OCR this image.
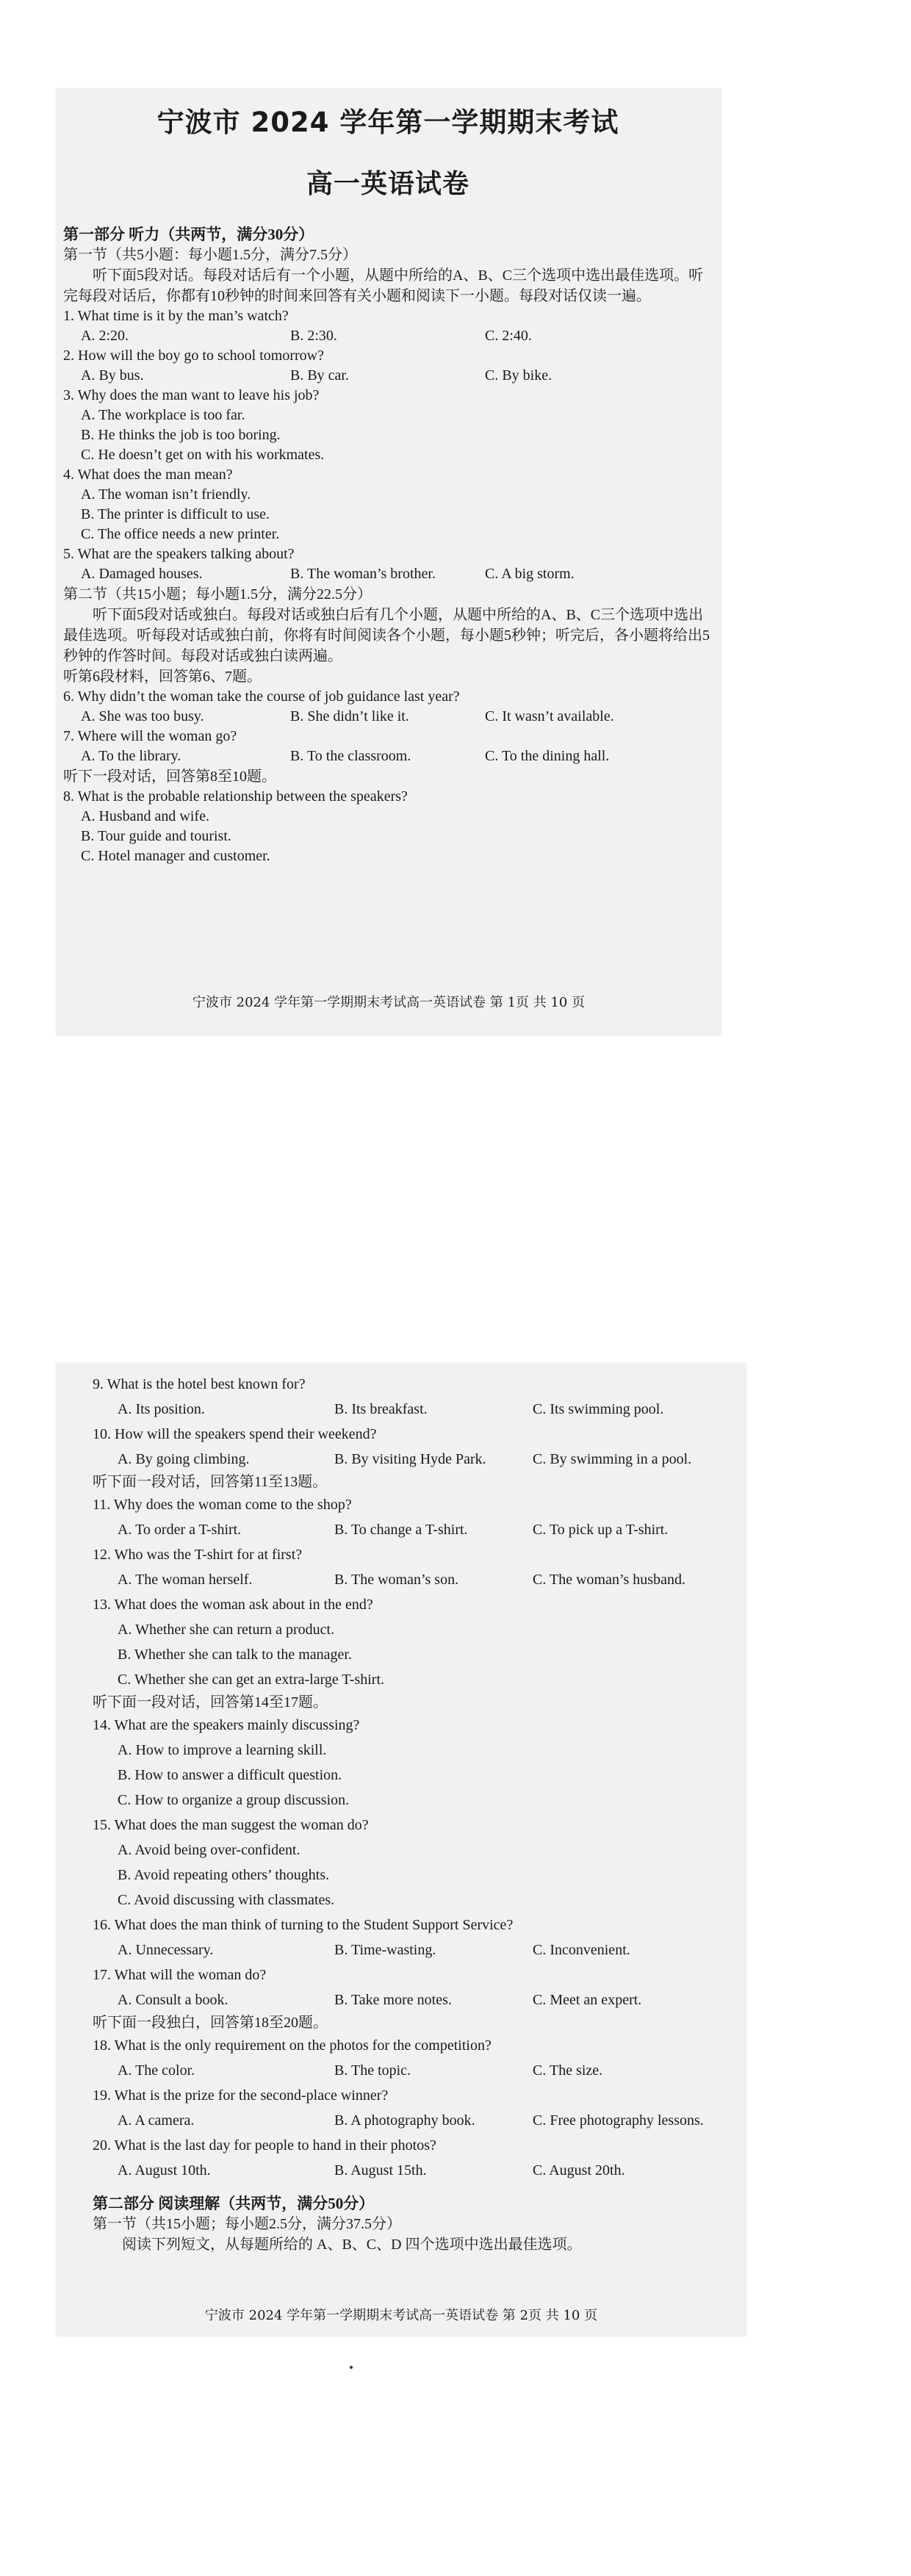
宁波市 2024 学年第一学期期末考试
高一英语试卷
第一部分 听力（共两节，满分30分）
第一节（共5小题：每小题1.5分，满分7.5分）
听下面5段对话。每段对话后有一个小题，从题中所给的A、B、C三个选项中选出最佳选项。听完每段对话后，你都有10秒钟的时间来回答有关小题和阅读下一小题。每段对话仅读一遍。
1. What time is it by the man’s watch?
A. 2:20.	B. 2:30.	C. 2:40.
2. How will the boy go to school tomorrow?
A. By bus.	B. By car.	C. By bike.
3. Why does the man want to leave his job?
A. The workplace is too far.
B. He thinks the job is too boring.
C. He doesn’t get on with his workmates.
4. What does the man mean?
A. The woman isn’t friendly.
B. The printer is difficult to use.
C. The office needs a new printer.
5. What are the speakers talking about?
A. Damaged houses.	B. The woman’s brother.	C. A big storm.
第二节（共15小题；每小题1.5分，满分22.5分）
听下面5段对话或独白。每段对话或独白后有几个小题，从题中所给的A、B、C三个选项中选出最佳选项。听每段对话或独白前，你将有时间阅读各个小题，每小题5秒钟；听完后，各小题将给出5秒钟的作答时间。每段对话或独白读两遍。
听第6段材料，回答第6、7题。
6. Why didn’t the woman take the course of job guidance last year?
A. She was too busy.	B. She didn’t like it.	C. It wasn’t available.
7. Where will the woman go?
A. To the library.	B. To the classroom.	C. To the dining hall.
听下一段对话，回答第8至10题。
8. What is the probable relationship between the speakers?
A. Husband and wife.
B. Tour guide and tourist.
C. Hotel manager and customer.
宁波市 2024 学年第一学期期末考试高一英语试卷 第 1页 共 10 页
9. What is the hotel best known for?
A. Its position.	B. Its breakfast.	C. Its swimming pool.
10. How will the speakers spend their weekend?
A. By going climbing.	B. By visiting Hyde Park.	C. By swimming in a pool.
听下面一段对话，回答第11至13题。
11. Why does the woman come to the shop?
A. To order a T-shirt.	B. To change a T-shirt.	C. To pick up a T-shirt.
12. Who was the T-shirt for at first?
A. The woman herself.	B. The woman’s son.	C. The woman’s husband.
13. What does the woman ask about in the end?
A. Whether she can return a product.
B. Whether she can talk to the manager.
C. Whether she can get an extra-large T-shirt.
听下面一段对话，回答第14至17题。
14. What are the speakers mainly discussing?
A. How to improve a learning skill.
B. How to answer a difficult question.
C. How to organize a group discussion.
15. What does the man suggest the woman do?
A. Avoid being over-confident.
B. Avoid repeating others’ thoughts.
C. Avoid discussing with classmates.
16. What does the man think of turning to the Student Support Service?
A. Unnecessary.	B. Time-wasting.	C. Inconvenient.
17. What will the woman do?
A. Consult a book.	B. Take more notes.	C. Meet an expert.
听下面一段独白，回答第18至20题。
18. What is the only requirement on the photos for the competition?
A. The color.	B. The topic.	C. The size.
19. What is the prize for the second-place winner?
A. A camera.	B. A photography book.	C. Free photography lessons.
20. What is the last day for people to hand in their photos?
A. August 10th.	B. August 15th.	C. August 20th.
第二部分 阅读理解（共两节，满分50分）
第一节（共15小题；每小题2.5分，满分37.5分）
阅读下列短文，从每题所给的 A、B、C、D 四个选项中选出最佳选项。
宁波市 2024 学年第一学期期末考试高一英语试卷 第 2页 共 10 页
